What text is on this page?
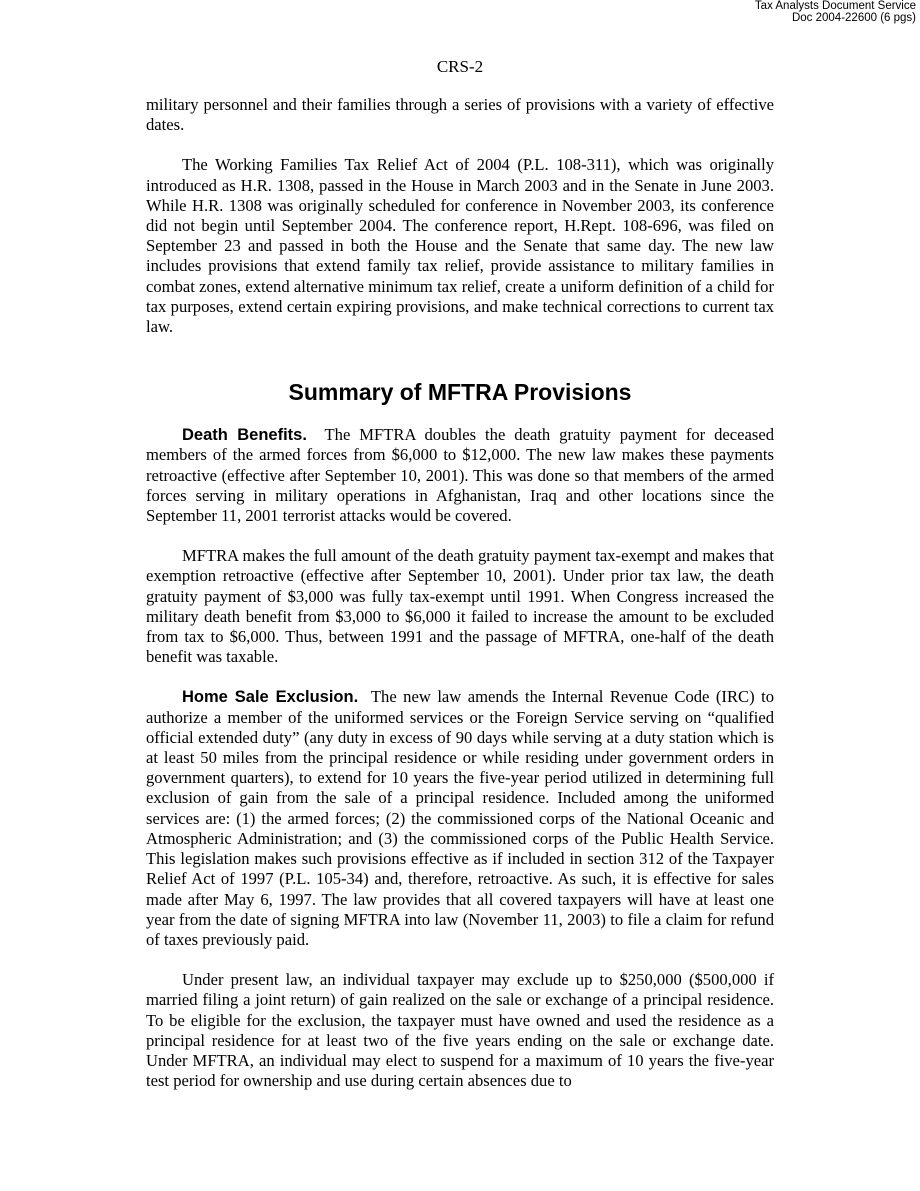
Tax Analysts Document Service
Doc 2004-22600 (6 pgs)
CRS-2

military personnel and their families through a series of provisions with a variety of effective dates.

The Working Families Tax Relief Act of 2004 (P.L. 108-311), which was originally introduced as H.R. 1308, passed in the House in March 2003 and in the Senate in June 2003. While H.R. 1308 was originally scheduled for conference in November 2003, its conference did not begin until September 2004. The conference report, H.Rept. 108-696, was filed on September 23 and passed in both the House and the Senate that same day. The new law includes provisions that extend family tax relief, provide assistance to military families in combat zones, extend alternative minimum tax relief, create a uniform definition of a child for tax purposes, extend certain expiring provisions, and make technical corrections to current tax law.

Summary of MFTRA Provisions

Death Benefits. The MFTRA doubles the death gratuity payment for deceased members of the armed forces from $6,000 to $12,000. The new law makes these payments retroactive (effective after September 10, 2001). This was done so that members of the armed forces serving in military operations in Afghanistan, Iraq and other locations since the September 11, 2001 terrorist attacks would be covered.

MFTRA makes the full amount of the death gratuity payment tax-exempt and makes that exemption retroactive (effective after September 10, 2001). Under prior tax law, the death gratuity payment of $3,000 was fully tax-exempt until 1991. When Congress increased the military death benefit from $3,000 to $6,000 it failed to increase the amount to be excluded from tax to $6,000. Thus, between 1991 and the passage of MFTRA, one-half of the death benefit was taxable.

Home Sale Exclusion. The new law amends the Internal Revenue Code (IRC) to authorize a member of the uniformed services or the Foreign Service serving on “qualified official extended duty” (any duty in excess of 90 days while serving at a duty station which is at least 50 miles from the principal residence or while residing under government orders in government quarters), to extend for 10 years the five-year period utilized in determining full exclusion of gain from the sale of a principal residence. Included among the uniformed services are: (1) the armed forces; (2) the commissioned corps of the National Oceanic and Atmospheric Administration; and (3) the commissioned corps of the Public Health Service. This legislation makes such provisions effective as if included in section 312 of the Taxpayer Relief Act of 1997 (P.L. 105-34) and, therefore, retroactive. As such, it is effective for sales made after May 6, 1997. The law provides that all covered taxpayers will have at least one year from the date of signing MFTRA into law (November 11, 2003) to file a claim for refund of taxes previously paid.

Under present law, an individual taxpayer may exclude up to $250,000 ($500,000 if married filing a joint return) of gain realized on the sale or exchange of a principal residence. To be eligible for the exclusion, the taxpayer must have owned and used the residence as a principal residence for at least two of the five years ending on the sale or exchange date. Under MFTRA, an individual may elect to suspend for a maximum of 10 years the five-year test period for ownership and use during certain absences due to
